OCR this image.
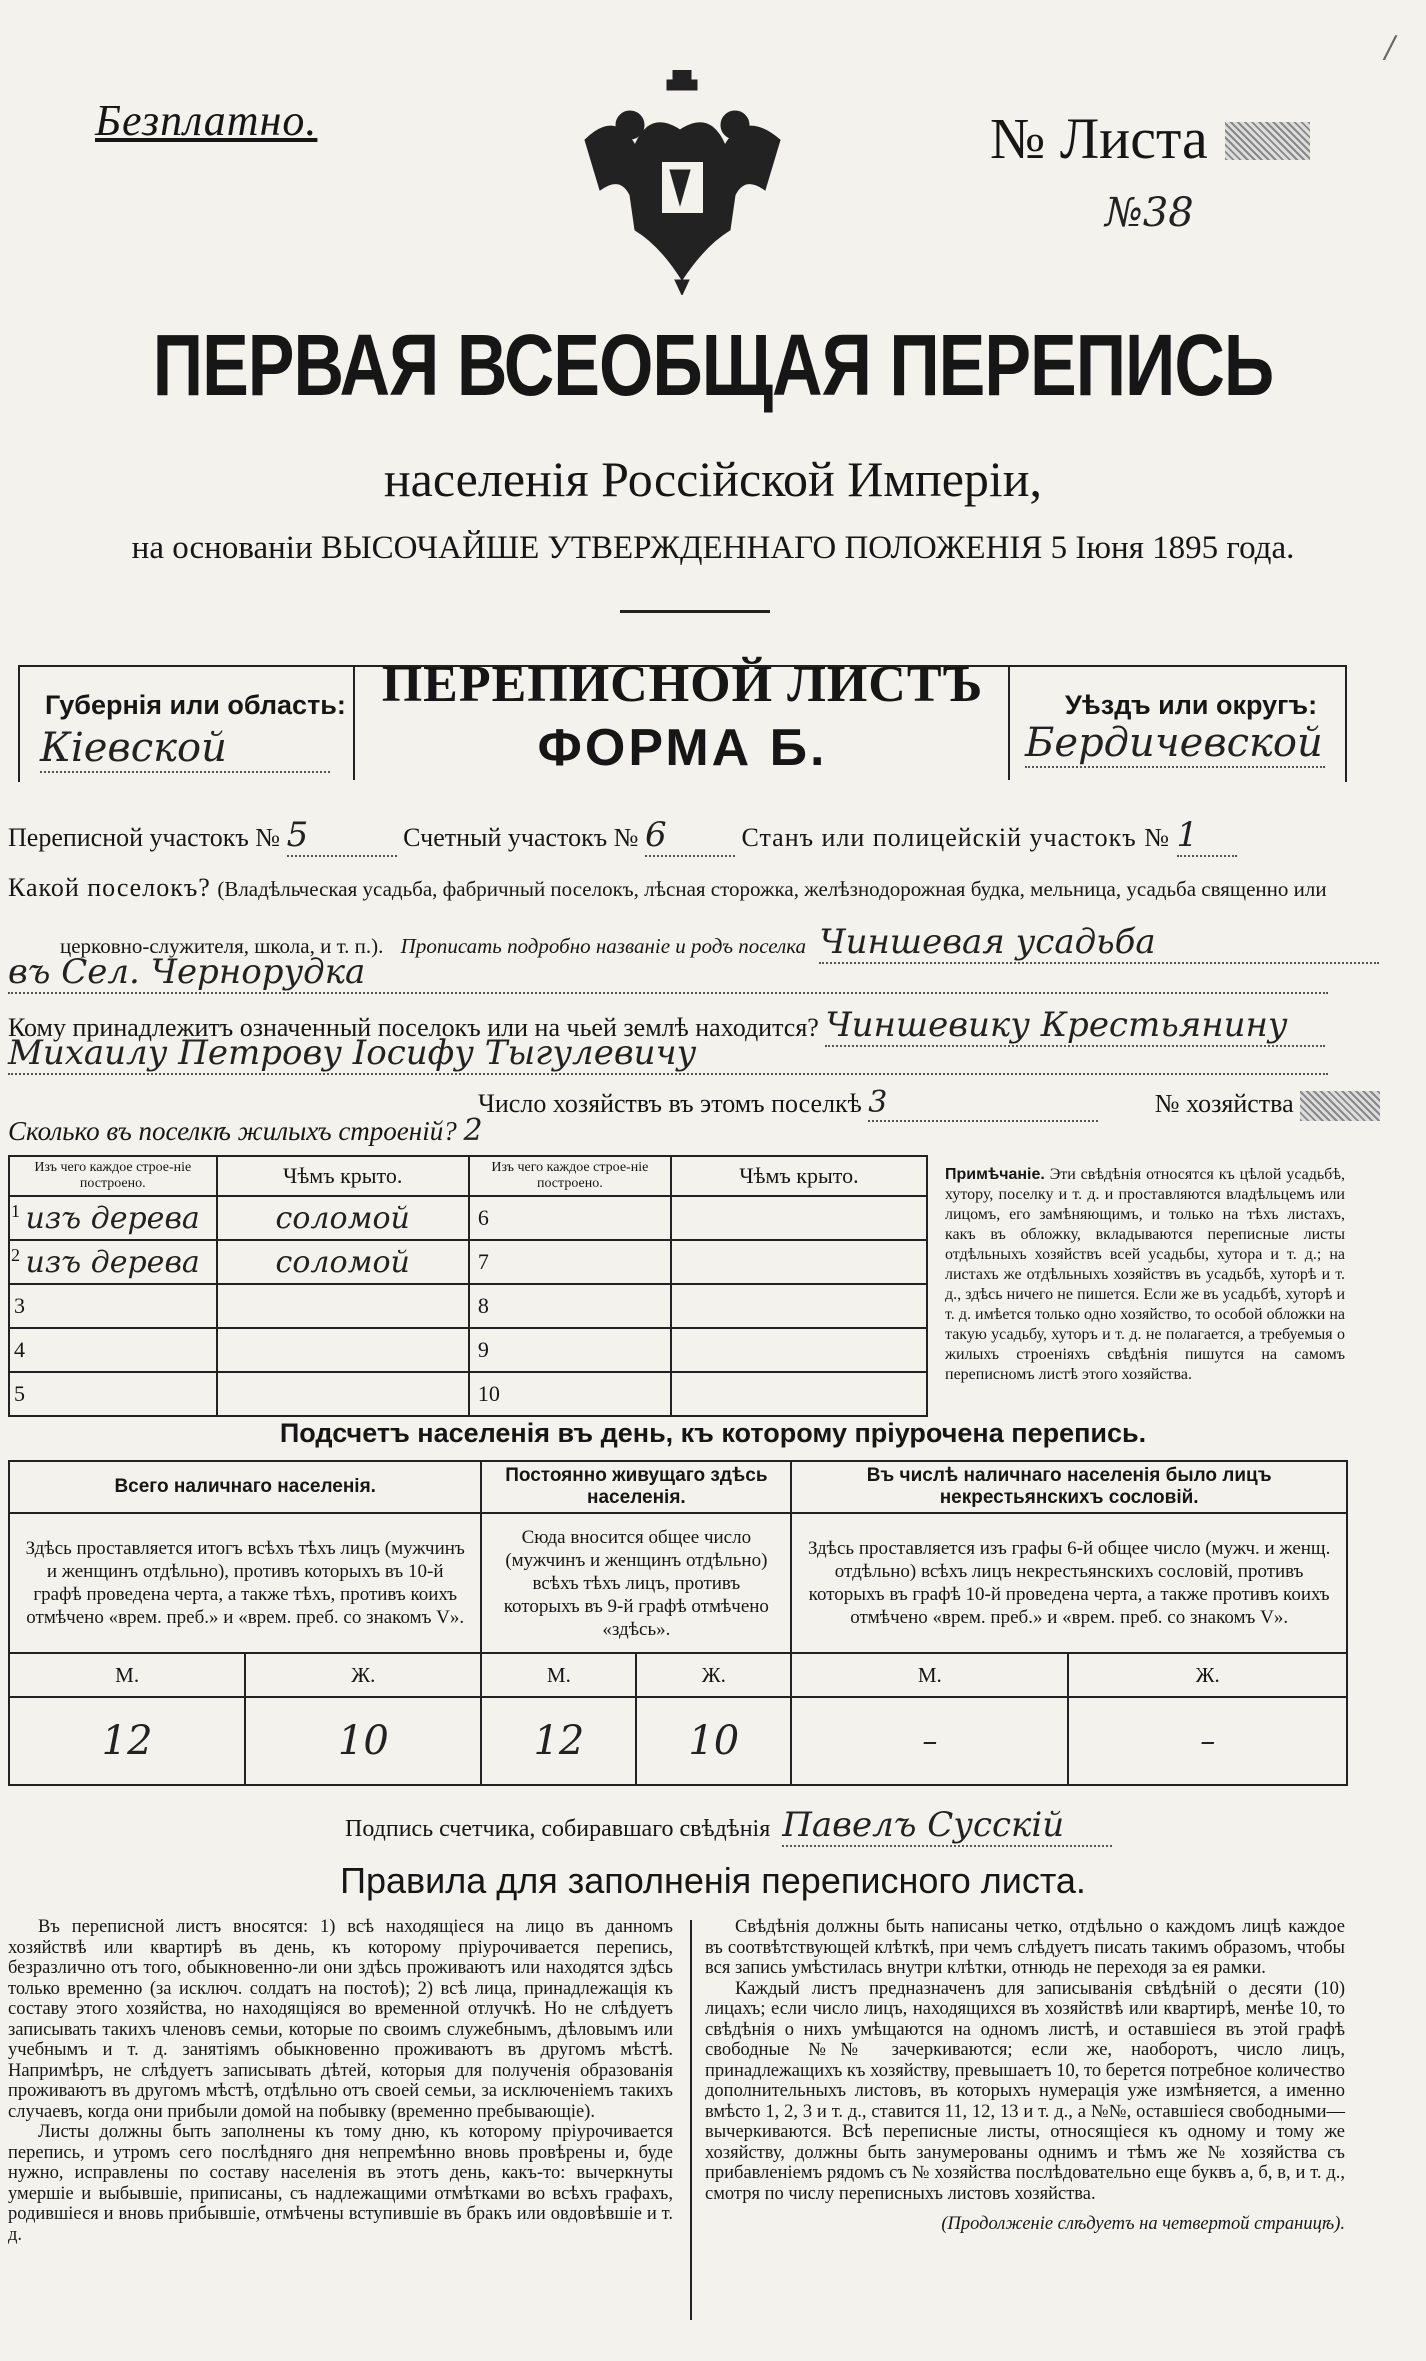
/
Безплатно.	№ Листа
№38
ПЕРВАЯ ВСЕОБЩАЯ ПЕРЕПИСЬ
населенія Россійской Имперіи,
на основаніи ВЫСОЧАЙШЕ УТВЕРЖДЕННАГО ПОЛОЖЕНІЯ 5 Іюня 1895 года.
Губернія или область:
Кіевской
ПЕРЕПИСНОЙ ЛИСТЪ
ФОРМА Б.
Уѣздъ или округъ:
Бердичевской
Переписной участокъ № 5	Счетный участокъ № 6	Станъ или полицейскій участокъ № 1
Какой поселокъ? (Владѣльческая усадьба, фабричный поселокъ, лѣсная сторожка, желѣзнодорожная будка, мельница, усадьба священно или
церковно-служителя, школа, и т. п.). Прописать подробно названіе и родъ поселка Чиншевая усадьба
въ Сел. Чернорудка
Кому принадлежитъ означенный поселокъ или на чьей землѣ находится? Чиншевику Крестьянину
Михаилу Петрову Іосифу Тыгулевичу
Число хозяйствъ въ этомъ поселкѣ 3	№ хозяйства
Сколько въ поселкѣ жилыхъ строеній? 2
Изъ чего каждое строе-ніе построено.	Чѣмъ крыто.	Изъ чего каждое строе-ніе построено.	Чѣмъ крыто.
$^1$ изъ дерева	соломой	6	
$^2$ изъ дерева	соломой	7	
3		8	
4		9	
5		10	
Примѣчаніе. Эти свѣдѣнія относятся къ цѣлой усадьбѣ, хутору, поселку и т. д. и проставляются владѣльцемъ или лицомъ, его замѣняющимъ, и только на тѣхъ листахъ, какъ въ обложку, вкладываются переписные листы отдѣльныхъ хозяйствъ всей усадьбы, хутора и т. д.; на листахъ же отдѣльныхъ хозяйствъ въ усадьбѣ, хуторѣ и т. д., здѣсь ничего не пишется. Если же въ усадьбѣ, хуторѣ и т. д. имѣется только одно хозяйство, то особой обложки на такую усадьбу, хуторъ и т. д. не полагается, а требуемыя о жилыхъ строеніяхъ свѣдѣнія пишутся на самомъ переписномъ листѣ этого хозяйства.
Подсчетъ населенія въ день, къ которому пріурочена перепись.
Всего наличнаго населенія.		Постоянно живущаго здѣсь населенія.		Въ числѣ наличнаго населенія было лицъ некрестьянскихъ сословій.	
Здѣсь проставляется итогъ всѣхъ тѣхъ лицъ (мужчинъ и женщинъ отдѣльно), противъ которыхъ въ 10-й графѣ проведена черта, а также тѣхъ, противъ коихъ отмѣчено «врем. преб.» и «врем. преб. со знакомъ V».		Сюда вносится общее число (мужчинъ и женщинъ отдѣльно) всѣхъ тѣхъ лицъ, противъ которыхъ въ 9-й графѣ отмѣчено «здѣсь».		Здѣсь проставляется изъ графы 6-й общее число (мужч. и женщ. отдѣльно) всѣхъ лицъ некрестьянскихъ сословій, противъ которыхъ въ графѣ 10-й проведена черта, а также противъ коихъ отмѣчено «врем. преб.» и «врем. преб. со знакомъ V».	
М.	Ж.	М.	Ж.	М.	Ж.
12	10	12	10	–	–
Подпись счетчика, собиравшаго свѣдѣнія Павелъ Сусскій
Правила для заполненія переписного листа.

Въ переписной листъ вносятся: 1) всѣ находящіеся на лицо въ данномъ хозяйствѣ или квартирѣ въ день, къ которому пріурочивается перепись, безразлично отъ того, обыкновенно-ли они здѣсь проживаютъ или находятся здѣсь только временно (за исключ. солдатъ на постоѣ); 2) всѣ лица, принадлежащія къ составу этого хозяйства, но находящіяся во временной отлучкѣ. Но не слѣдуетъ записывать такихъ членовъ семьи, которые по своимъ служебнымъ, дѣловымъ или учебнымъ и т. д. занятіямъ обыкновенно проживаютъ въ другомъ мѣстѣ. Напримѣръ, не слѣдуетъ записывать дѣтей, которыя для полученія образованія проживаютъ въ другомъ мѣстѣ, отдѣльно отъ своей семьи, за исключеніемъ такихъ случаевъ, когда они прибыли домой на побывку (временно пребывающіе).

Листы должны быть заполнены къ тому дню, къ которому пріурочивается перепись, и утромъ сего послѣдняго дня непремѣнно вновь провѣрены и, буде нужно, исправлены по составу населенія въ этотъ день, какъ-то: вычеркнуты умершіе и выбывшіе, приписаны, съ надлежащими отмѣтками во всѣхъ графахъ, родившіеся и вновь прибывшіе, отмѣчены вступившіе въ бракъ или овдовѣвшіе и т. д.

Свѣдѣнія должны быть написаны четко, отдѣльно о каждомъ лицѣ каждое въ соотвѣтствующей клѣткѣ, при чемъ слѣдуетъ писать такимъ образомъ, чтобы вся запись умѣстилась внутри клѣтки, отнюдь не переходя за ея рамки.

Каждый листъ предназначенъ для записыванія свѣдѣній о десяти (10) лицахъ; если число лицъ, находящихся въ хозяйствѣ или квартирѣ, менѣе 10, то свѣдѣнія о нихъ умѣщаются на одномъ листѣ, и оставшіеся въ этой графѣ свободные №№ зачеркиваются; если же, наоборотъ, число лицъ, принадлежащихъ къ хозяйству, превышаетъ 10, то берется потребное количество дополнительныхъ листовъ, въ которыхъ нумерація уже измѣняется, а именно вмѣсто 1, 2, 3 и т. д., ставится 11, 12, 13 и т. д., а №№, оставшіеся свободными—вычеркиваются. Всѣ переписные листы, относящіеся къ одному и тому же хозяйству, должны быть занумерованы однимъ и тѣмъ же № хозяйства съ прибавленіемъ рядомъ съ № хозяйства послѣдовательно еще буквъ а, б, в, и т. д., смотря по числу переписныхъ листовъ хозяйства.

(Продолженіе слѣдуетъ на четвертой страницѣ).
